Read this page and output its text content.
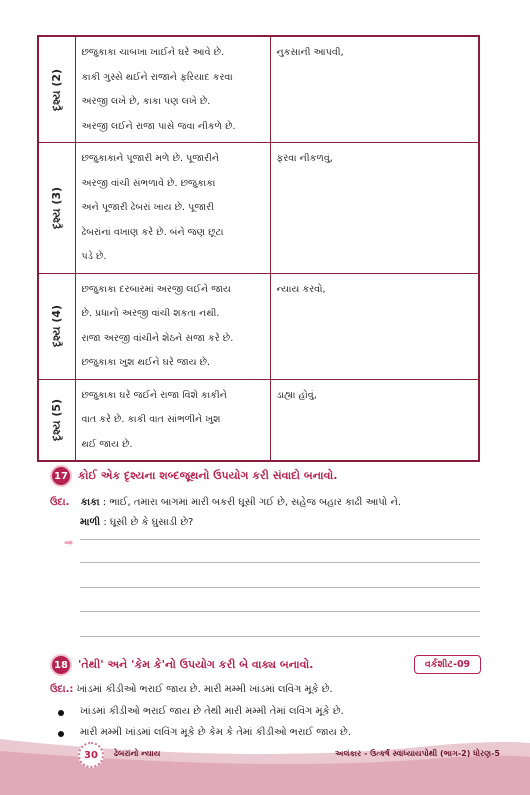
દૃશ્ય (2)	છજુકાકા ચાબખા ખાઈને ઘરે આવે છે.
કાકી ગુસ્સે થઈને રાજાને ફરિયાદ કરવા
અરજી લખે છે, કાકા પણ લખે છે.
અરજી લઈને રાજા પાસે જવા નીકળે છે.	નુકસાની આપવી,

દૃશ્ય (3)	છજુકાકાને પૂજારી મળે છે. પૂજારીને
અરજી વાંચી સંભળાવે છે. છજુકાકા
અને પૂજારી ઢેબરાં ખાય છે. પૂજારી
ઢેબરાંનાં વખાણ કરે છે. બંને જણ છૂટા
પડે છે.	ફરવા નીકળવું,

દૃશ્ય (4)	છજુકાકા દરબારમાં અરજી લઈને જાય
છે. પ્રધાનો અરજી વાંચી શકતા નથી.
રાજા અરજી વાંચીને શેઠને સજા કરે છે.
છજુકાકા ખુશ થઈને ઘરે જાય છે.	ન્યાય કરવો,

દૃશ્ય (5)	છજુકાકા ઘરે જઈને રાજા વિશે કાકીને
વાત કરે છે. કાકી વાત સાંભળીને ખુશ
થઈ જાય છે.	ડાહ્યા હોવું,
17 કોઈ એક દૃશ્યના શબ્દજૂથનો ઉપયોગ કરી સંવાદો બનાવો.
ઉદા. કાકા : ભાઈ, તમારા બાગમાં મારી બકરી ઘૂસી ગઈ છે, સહેજ બહાર કાઢી આપો ને.
માળી : ઘૂસી છે કે ઘુસાડી છે?
➡
18 'તેથી' અને 'કેમ કે'નો ઉપયોગ કરી બે વાક્ય બનાવો.	વર્કશીટ-09
ઉદા.: ખાંડમાં કીડીઓ ભરાઈ જાય છે. મારી મમ્મી ખાંડમાં લવિંગ મૂકે છે.
ખાંડમાં કીડીઓ ભરાઈ જાય છે તેથી મારી મમ્મી તેમાં લવિંગ મૂકે છે.
મારી મમ્મી ખાંડમાં લવિંગ મૂકે છે કેમ કે તેમાં કીડીઓ ભરાઈ જાય છે.
30	ઢેબરાંનો ન્યાય	અલંકાર - ઉત્કર્ષ સ્વાધ્યાયપોથી (ભાગ-2) ધોરણ-5
